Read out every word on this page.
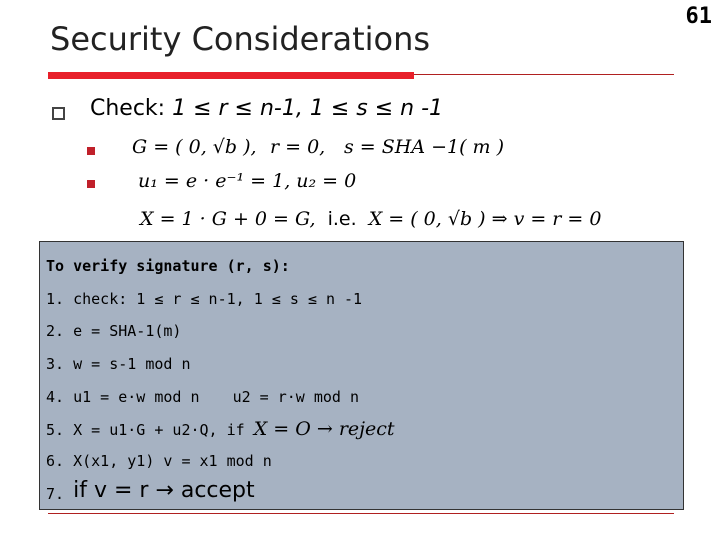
Security Considerations
61
Check: 1 ≤ r ≤ n-1, 1 ≤ s ≤ n -1
G = ( 0, √b ), r = 0, s = SHA −1( m )
u₁ = e · e⁻¹ = 1, u₂ = 0
X = 1 · G + 0 = G, i.e. X = ( 0, √b ) ⇒ v = r = 0
To verify signature (r, s):
1. check: 1 ≤ r ≤ n-1, 1 ≤ s ≤ n -1
2. e = SHA-1(m)
3. w = s-1 mod n
4. u1 = e·w mod n u2 = r·w mod n
5. X = u1·G + u2·Q, if X = O → reject
6. X(x1, y1) v = x1 mod n
7. if v = r → accept
